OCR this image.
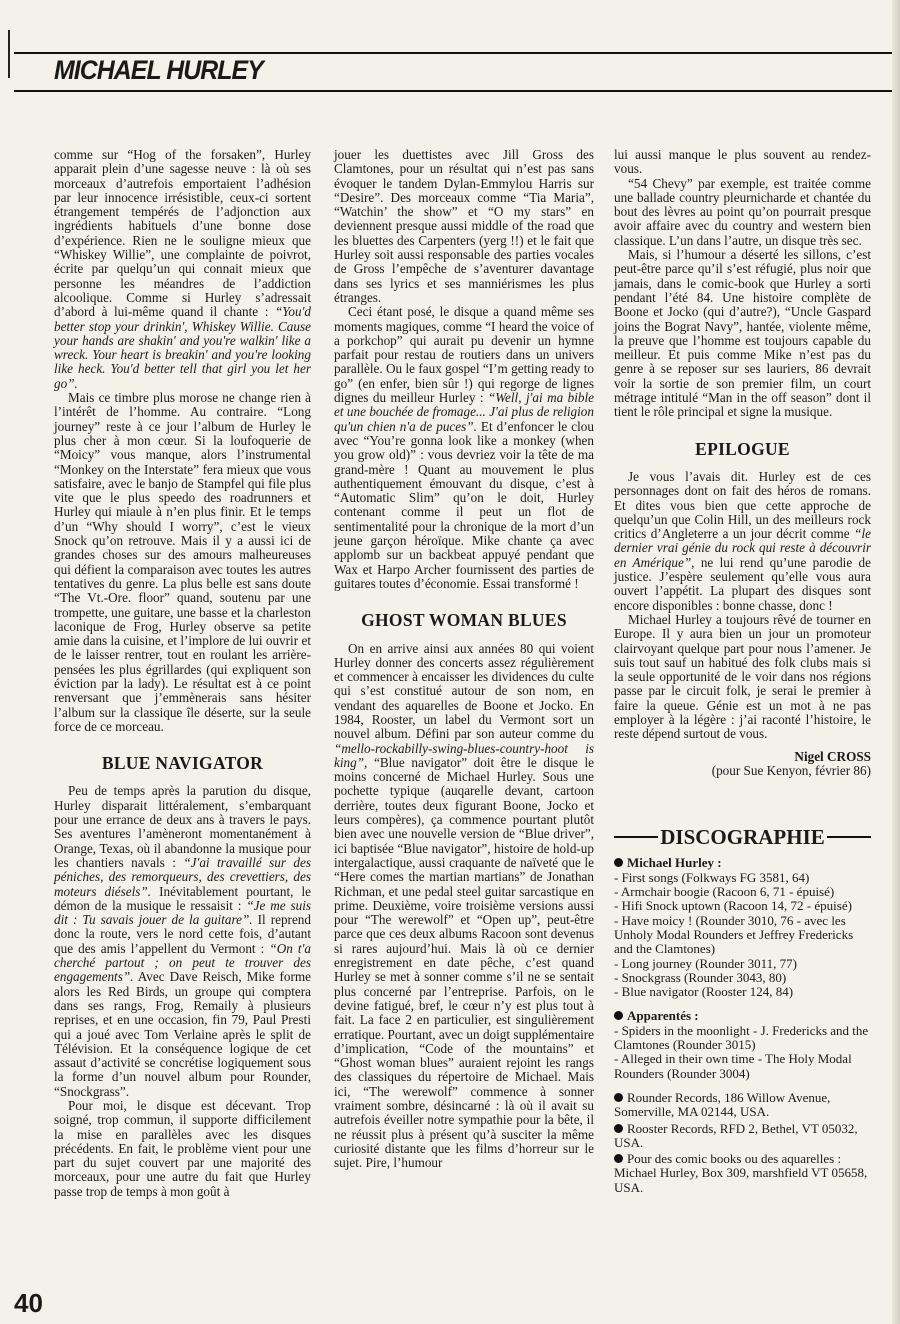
MICHAEL HURLEY

comme sur “Hog of the forsaken”, Hurley apparait plein d’une sagesse neuve : là où ses morceaux d’autrefois emportaient l’adhésion par leur innocence irrésistible, ceux-ci sortent étrangement tempérés de l’adjonction aux ingrédients habituels d’une bonne dose d’expérience. Rien ne le souligne mieux que “Whiskey Willie”, une complainte de poivrot, écrite par quelqu’un qui connait mieux que personne les méandres de l’addiction alcoolique. Comme si Hurley s’adressait d’abord à lui-même quand il chante : “You'd better stop your drinkin', Whiskey Willie. Cause your hands are shakin' and you're walkin' like a wreck. Your heart is breakin' and you're looking like heck. You'd better tell that girl you let her go”.

Mais ce timbre plus morose ne change rien à l’intérêt de l’homme. Au contraire. “Long journey” reste à ce jour l’album de Hurley le plus cher à mon cœur. Si la loufoquerie de “Moicy” vous manque, alors l’instrumental “Monkey on the Interstate” fera mieux que vous satisfaire, avec le banjo de Stampfel qui file plus vite que le plus speedo des roadrunners et Hurley qui miaule à n’en plus finir. Et le temps d’un “Why should I worry”, c’est le vieux Snock qu’on retrouve. Mais il y a aussi ici de grandes choses sur des amours malheureuses qui défient la comparaison avec toutes les autres tentatives du genre. La plus belle est sans doute “The Vt.-Ore. floor” quand, soutenu par une trompette, une guitare, une basse et la charleston laconique de Frog, Hurley observe sa petite amie dans la cuisine, et l’implore de lui ouvrir et de le laisser rentrer, tout en roulant les arrière-pensées les plus égrillardes (qui expliquent son éviction par la lady). Le résultat est à ce point renversant que j’emmènerais sans hésiter l’album sur la classique île déserte, sur la seule force de ce morceau.

BLUE NAVIGATOR

Peu de temps après la parution du disque, Hurley disparait littéralement, s’embarquant pour une errance de deux ans à travers le pays. Ses aventures l’amèneront momentanément à Orange, Texas, où il abandonne la musique pour les chantiers navals : “J'ai travaillé sur des péniches, des remorqueurs, des crevettiers, des moteurs diésels”. Inévitablement pourtant, le démon de la musique le ressaisit : “Je me suis dit : Tu savais jouer de la guitare”. Il reprend donc la route, vers le nord cette fois, d’autant que des amis l’appellent du Vermont : “On t'a cherché partout ; on peut te trouver des engagements”. Avec Dave Reisch, Mike forme alors les Red Birds, un groupe qui comptera dans ses rangs, Frog, Remaily à plusieurs reprises, et en une occasion, fin 79, Paul Presti qui a joué avec Tom Verlaine après le split de Télévision. Et la conséquence logique de cet assaut d’activité se concrétise logiquement sous la forme d’un nouvel album pour Rounder, “Snockgrass”.

Pour moi, le disque est décevant. Trop soigné, trop commun, il supporte difficilement la mise en parallèles avec les disques précédents. En fait, le problème vient pour une part du sujet couvert par une majorité des morceaux, pour une autre du fait que Hurley passe trop de temps à mon goût à

jouer les duettistes avec Jill Gross des Clamtones, pour un résultat qui n’est pas sans évoquer le tandem Dylan-Emmylou Harris sur “Desire”. Des morceaux comme “Tia Maria”, “Watchin’ the show” et “O my stars” en deviennent presque aussi middle of the road que les bluettes des Carpenters (yerg !!) et le fait que Hurley soit aussi responsable des parties vocales de Gross l’empêche de s’aventurer davantage dans ses lyrics et ses manniérismes les plus étranges.

Ceci étant posé, le disque a quand même ses moments magiques, comme “I heard the voice of a porkchop” qui aurait pu devenir un hymne parfait pour restau de routiers dans un univers parallèle. Ou le faux gospel “I’m getting ready to go” (en enfer, bien sûr !) qui regorge de lignes dignes du meilleur Hurley : “Well, j'ai ma bible et une bouchée de fromage... J'ai plus de religion qu'un chien n'a de puces”. Et d’enfoncer le clou avec “You’re gonna look like a monkey (when you grow old)” : vous devriez voir la tête de ma grand-mère ! Quant au mouvement le plus authentiquement émouvant du disque, c’est à “Automatic Slim” qu’on le doit, Hurley contenant comme il peut un flot de sentimentalité pour la chronique de la mort d’un jeune garçon héroïque. Mike chante ça avec applomb sur un backbeat appuyé pendant que Wax et Harpo Archer fournissent des parties de guitares toutes d’économie. Essai transformé !

GHOST WOMAN BLUES

On en arrive ainsi aux années 80 qui voient Hurley donner des concerts assez régulièrement et commencer à encaisser les dividences du culte qui s’est constitué autour de son nom, en vendant des aquarelles de Boone et Jocko. En 1984, Rooster, un label du Vermont sort un nouvel album. Défini par son auteur comme du “mello-rockabilly-swing-blues-country-hoot is king”, “Blue navigator” doit être le disque le moins concerné de Michael Hurley. Sous une pochette typique (auqarelle devant, cartoon derrière, toutes deux figurant Boone, Jocko et leurs compères), ça commence pourtant plutôt bien avec une nouvelle version de “Blue driver”, ici baptisée “Blue navigator”, histoire de hold-up intergalactique, aussi craquante de naïveté que le “Here comes the martian martians” de Jonathan Richman, et une pedal steel guitar sarcastique en prime. Deuxième, voire troisième versions aussi pour “The werewolf” et “Open up”, peut-être parce que ces deux albums Racoon sont devenus si rares aujourd’hui. Mais là où ce dernier enregistrement en date pêche, c’est quand Hurley se met à sonner comme s’il ne se sentait plus concerné par l’entreprise. Parfois, on le devine fatigué, bref, le cœur n’y est plus tout à fait. La face 2 en particulier, est singulièrement erratique. Pourtant, avec un doigt supplémentaire d’implication, “Code of the mountains” et “Ghost woman blues” auraient rejoint les rangs des classiques du répertoire de Michael. Mais ici, “The werewolf” commence à sonner vraiment sombre, désincarné : là où il avait su autrefois éveiller notre sympathie pour la bête, il ne réussit plus à présent qu’à susciter la même curiosité distante que les films d’horreur sur le sujet. Pire, l’humour

lui aussi manque le plus souvent au rendez-vous.

“54 Chevy” par exemple, est traitée comme une ballade country pleurnicharde et chantée du bout des lèvres au point qu’on pourrait presque avoir affaire avec du country and western bien classique. L’un dans l’autre, un disque très sec.

Mais, si l’humour a déserté les sillons, c’est peut-être parce qu’il s’est réfugié, plus noir que jamais, dans le comic-book que Hurley a sorti pendant l’été 84. Une histoire complète de Boone et Jocko (qui d’autre?), “Uncle Gaspard joins the Bograt Navy”, hantée, violente même, la preuve que l’homme est toujours capable du meilleur. Et puis comme Mike n’est pas du genre à se reposer sur ses lauriers, 86 devrait voir la sortie de son premier film, un court métrage intitulé “Man in the off season” dont il tient le rôle principal et signe la musique.

EPILOGUE

Je vous l’avais dit. Hurley est de ces personnages dont on fait des héros de romans. Et dites vous bien que cette approche de quelqu’un que Colin Hill, un des meilleurs rock critics d’Angleterre a un jour décrit comme “le dernier vrai génie du rock qui reste à découvrir en Amérique”, ne lui rend qu’une parodie de justice. J’espère seulement qu’elle vous aura ouvert l’appétit. La plupart des disques sont encore disponibles : bonne chasse, donc !

Michael Hurley a toujours rêvé de tourner en Europe. Il y aura bien un jour un promoteur clairvoyant quelque part pour nous l’amener. Je suis tout sauf un habitué des folk clubs mais si la seule opportunité de le voir dans nos régions passe par le circuit folk, je serai le premier à faire la queue. Génie est un mot à ne pas employer à la légère : j’ai raconté l’histoire, le reste dépend surtout de vous.

Nigel CROSS
(pour Sue Kenyon, février 86)
DISCOGRAPHIE
Michael Hurley :
- First songs (Folkways FG 3581, 64)
- Armchair boogie (Racoon 6, 71 - épuisé)
- Hifi Snock uptown (Racoon 14, 72 - épuisé)
- Have moicy ! (Rounder 3010, 76 - avec les Unholy Modal Rounders et Jeffrey Fredericks and the Clamtones)
- Long journey (Rounder 3011, 77)
- Snockgrass (Rounder 3043, 80)
- Blue navigator (Rooster 124, 84)
Apparentés :
- Spiders in the moonlight - J. Fredericks and the Clamtones (Rounder 3015)
- Alleged in their own time - The Holy Modal Rounders (Rounder 3004)

Rounder Records, 186 Willow Avenue, Somerville, MA 02144, USA.

Rooster Records, RFD 2, Bethel, VT 05032, USA.

Pour des comic books ou des aquarelles : Michael Hurley, Box 309, marshfield VT 05658, USA.

40
